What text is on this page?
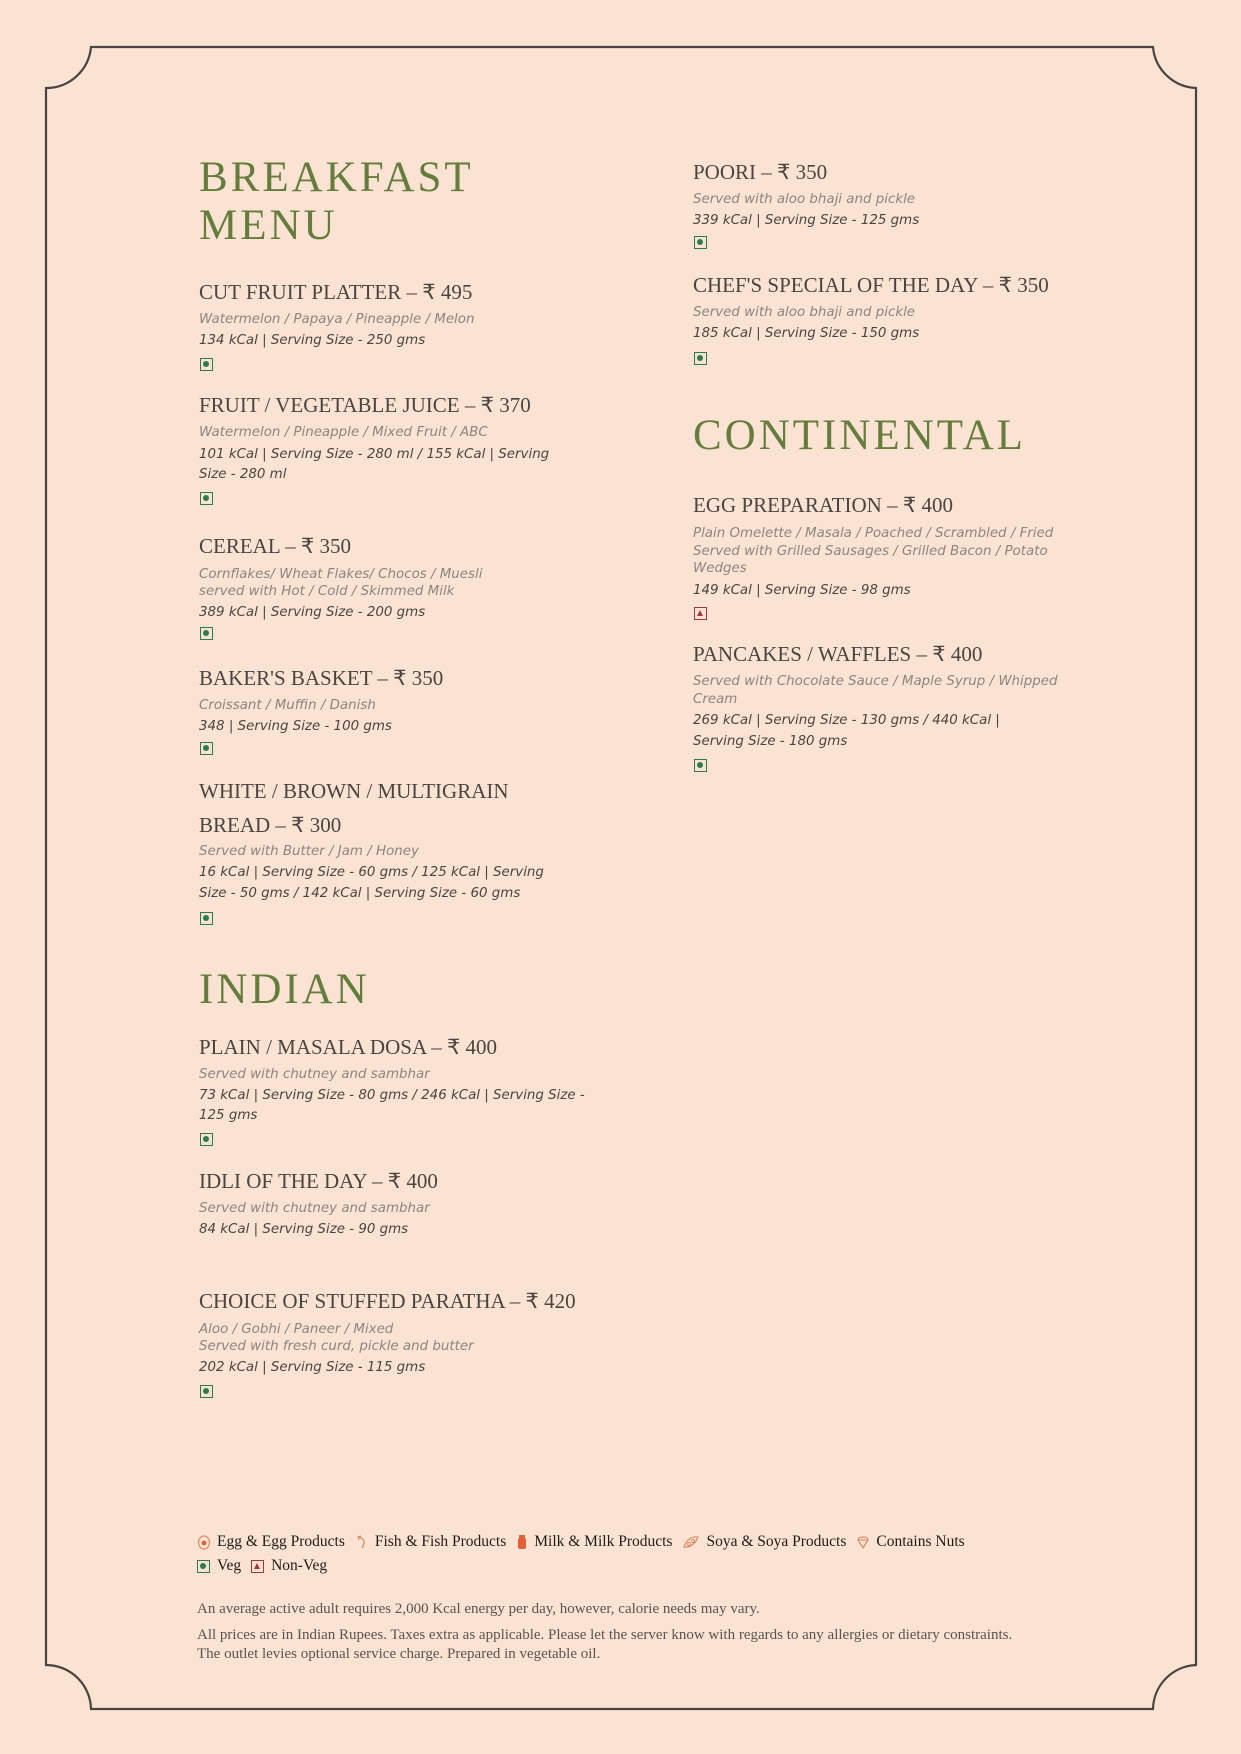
BREAKFAST
MENU
CUT FRUIT PLATTER – ₹ 495
Watermelon / Papaya / Pineapple / Melon
134 kCal | Serving Size - 250 gms
FRUIT / VEGETABLE JUICE – ₹ 370
Watermelon / Pineapple / Mixed Fruit / ABC
101 kCal | Serving Size - 280 ml / 155 kCal | Serving
Size - 280 ml
CEREAL – ₹ 350
Cornflakes/ Wheat Flakes/ Chocos / Muesli
served with Hot / Cold / Skimmed Milk
389 kCal | Serving Size - 200 gms
BAKER'S BASKET – ₹ 350
Croissant / Muffin / Danish
348 | Serving Size - 100 gms
WHITE / BROWN / MULTIGRAIN
BREAD – ₹ 300
Served with Butter / Jam / Honey
16 kCal | Serving Size - 60 gms / 125 kCal | Serving
Size - 50 gms / 142 kCal | Serving Size - 60 gms
INDIAN
PLAIN / MASALA DOSA – ₹ 400
Served with chutney and sambhar
73 kCal | Serving Size - 80 gms / 246 kCal | Serving Size -
125 gms
IDLI OF THE DAY – ₹ 400
Served with chutney and sambhar
84 kCal | Serving Size - 90 gms
CHOICE OF STUFFED PARATHA – ₹ 420
Aloo / Gobhi / Paneer / Mixed
Served with fresh curd, pickle and butter
202 kCal | Serving Size - 115 gms
POORI – ₹ 350
Served with aloo bhaji and pickle
339 kCal | Serving Size - 125 gms
CHEF'S SPECIAL OF THE DAY – ₹ 350
Served with aloo bhaji and pickle
185 kCal | Serving Size - 150 gms
CONTINENTAL
EGG PREPARATION – ₹ 400
Plain Omelette / Masala / Poached / Scrambled / Fried
Served with Grilled Sausages / Grilled Bacon / Potato
Wedges
149 kCal | Serving Size - 98 gms
PANCAKES / WAFFLES – ₹ 400
Served with Chocolate Sauce / Maple Syrup / Whipped
Cream
269 kCal | Serving Size - 130 gms / 440 kCal |
Serving Size - 180 gms
Egg & Egg Products Fish & Fish Products Milk & Milk Products Soya & Soya Products Contains Nuts
Veg Non-Veg
An average active adult requires 2,000 Kcal energy per day, however, calorie needs may vary.
All prices are in Indian Rupees. Taxes extra as applicable. Please let the server know with regards to any allergies or dietary constraints.
The outlet levies optional service charge. Prepared in vegetable oil.
